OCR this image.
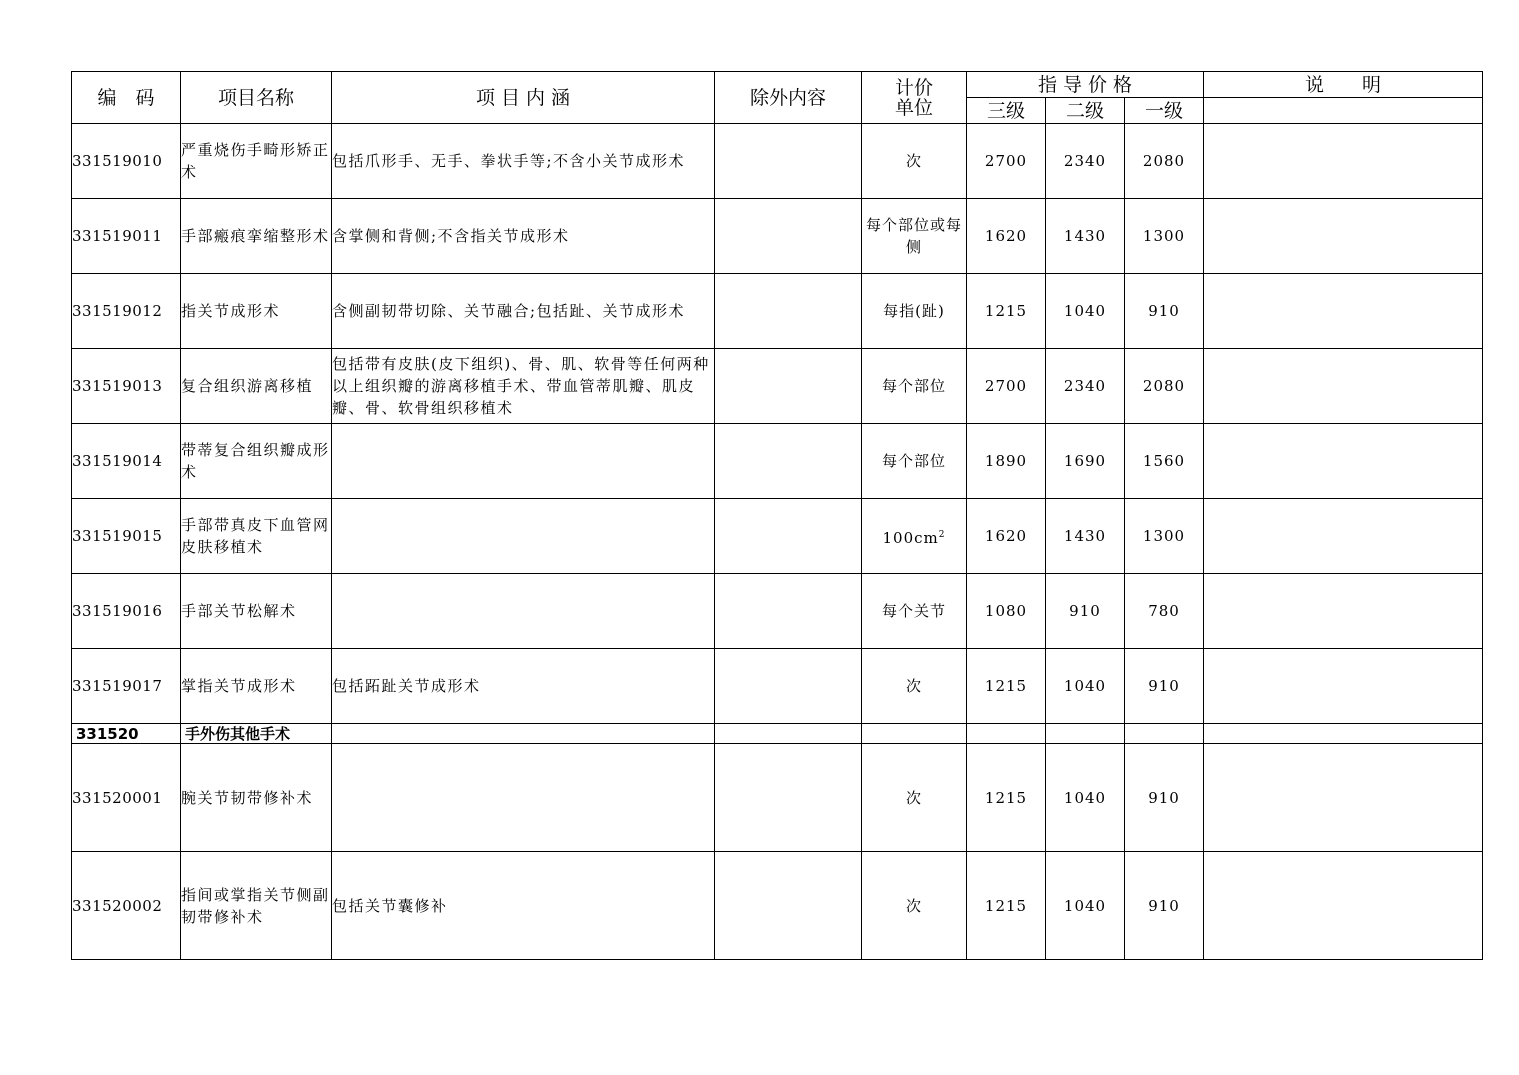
编　码	项目名称	项 目 内 涵	除外内容	计价
单位	指 导 价 格			说　　明
					三级	二级	一级	
331519010	严重烧伤手畸形矫正术	包括爪形手、无手、拳状手等;不含小关节成形术		次	2700	2340	2080	
331519011	手部瘢痕挛缩整形术	含掌侧和背侧;不含指关节成形术		每个部位或每侧	1620	1430	1300	
331519012	指关节成形术	含侧副韧带切除、关节融合;包括趾、关节成形术		每指(趾)	1215	1040	910	
331519013	复合组织游离移植	包括带有皮肤(皮下组织)、骨、肌、软骨等任何两种以上组织瓣的游离移植手术、带血管蒂肌瓣、肌皮瓣、骨、软骨组织移植术		每个部位	2700	2340	2080	
331519014	带蒂复合组织瓣成形术			每个部位	1890	1690	1560	
331519015	手部带真皮下血管网皮肤移植术			$100cm^2$	1620	1430	1300	
331519016	手部关节松解术			每个关节	1080	910	780	
331519017	掌指关节成形术	包括跖趾关节成形术		次	1215	1040	910	
331520	手外伤其他手术							
331520001	腕关节韧带修补术			次	1215	1040	910	
331520002	指间或掌指关节侧副韧带修补术	包括关节囊修补		次	1215	1040	910	
